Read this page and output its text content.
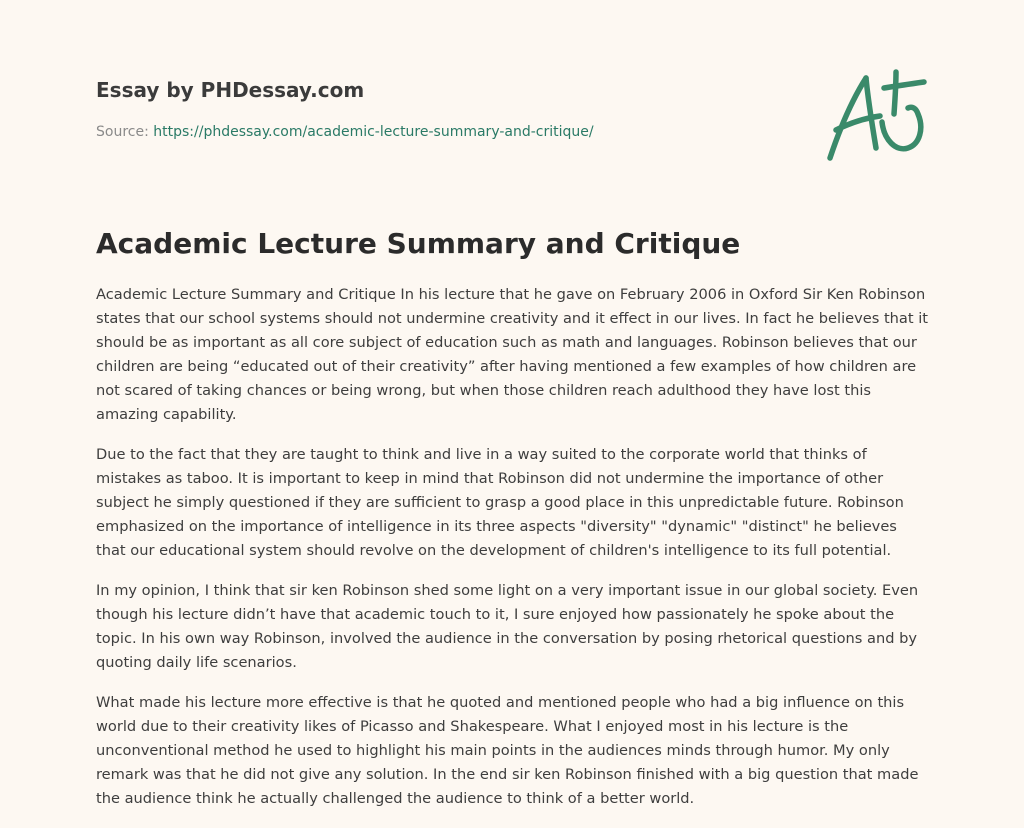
Essay by PHDessay.com
Source: https://phdessay.com/academic-lecture-summary-and-critique/
Academic Lecture Summary and Critique

Academic Lecture Summary and Critique In his lecture that he gave on February 2006 in Oxford Sir Ken Robinson states that our school systems should not undermine creativity and it effect in our lives. In fact he believes that it should be as important as all core subject of education such as math and languages. Robinson believes that our children are being “educated out of their creativity” after having mentioned a few examples of how children are not scared of taking chances or being wrong, but when those children reach adulthood they have lost this amazing capability.

Due to the fact that they are taught to think and live in a way suited to the corporate world that thinks of mistakes as taboo. It is important to keep in mind that Robinson did not undermine the importance of other subject he simply questioned if they are sufficient to grasp a good place in this unpredictable future. Robinson emphasized on the importance of intelligence in its three aspects "diversity" "dynamic" "distinct" he believes that our educational system should revolve on the development of children's intelligence to its full potential.

In my opinion, I think that sir ken Robinson shed some light on a very important issue in our global society. Even though his lecture didn’t have that academic touch to it, I sure enjoyed how passionately he spoke about the topic. In his own way Robinson, involved the audience in the conversation by posing rhetorical questions and by quoting daily life scenarios.

What made his lecture more effective is that he quoted and mentioned people who had a big influence on this world due to their creativity likes of Picasso and Shakespeare. What I enjoyed most in his lecture is the unconventional method he used to highlight his main points in the audiences minds through humor. My only remark was that he did not give any solution. In the end sir ken Robinson finished with a big question that made the audience think he actually challenged the audience to think of a better world.
